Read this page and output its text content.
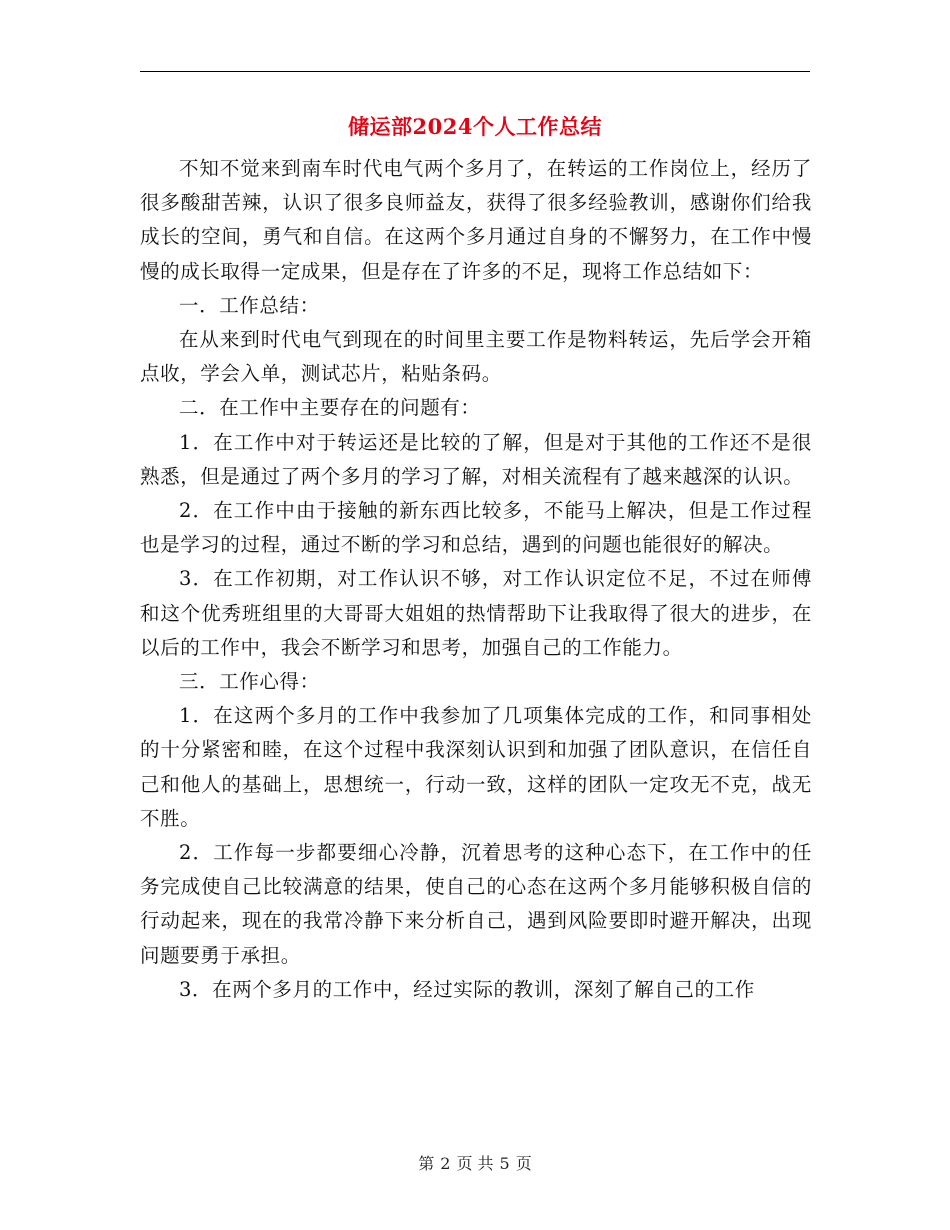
储运部2024个人工作总结

不知不觉来到南车时代电气两个多月了，在转运的工作岗位上，经历了很多酸甜苦辣，认识了很多良师益友，获得了很多经验教训，感谢你们给我成长的空间，勇气和自信。在这两个多月通过自身的不懈努力，在工作中慢慢的成长取得一定成果，但是存在了许多的不足，现将工作总结如下：

一．工作总结：

在从来到时代电气到现在的时间里主要工作是物料转运，先后学会开箱点收，学会入单，测试芯片，粘贴条码。

二．在工作中主要存在的问题有：

1．在工作中对于转运还是比较的了解，但是对于其他的工作还不是很熟悉，但是通过了两个多月的学习了解，对相关流程有了越来越深的认识。

2．在工作中由于接触的新东西比较多，不能马上解决，但是工作过程也是学习的过程，通过不断的学习和总结，遇到的问题也能很好的解决。

3．在工作初期，对工作认识不够，对工作认识定位不足，不过在师傅和这个优秀班组里的大哥哥大姐姐的热情帮助下让我取得了很大的进步，在以后的工作中，我会不断学习和思考，加强自己的工作能力。

三．工作心得：

1．在这两个多月的工作中我参加了几项集体完成的工作，和同事相处的十分紧密和睦，在这个过程中我深刻认识到和加强了团队意识，在信任自己和他人的基础上，思想统一，行动一致，这样的团队一定攻无不克，战无不胜。

2．工作每一步都要细心冷静，沉着思考的这种心态下，在工作中的任务完成使自己比较满意的结果，使自己的心态在这两个多月能够积极自信的行动起来，现在的我常冷静下来分析自己，遇到风险要即时避开解决，出现问题要勇于承担。

3．在两个多月的工作中，经过实际的教训，深刻了解自己的工作

第 2 页 共 5 页
